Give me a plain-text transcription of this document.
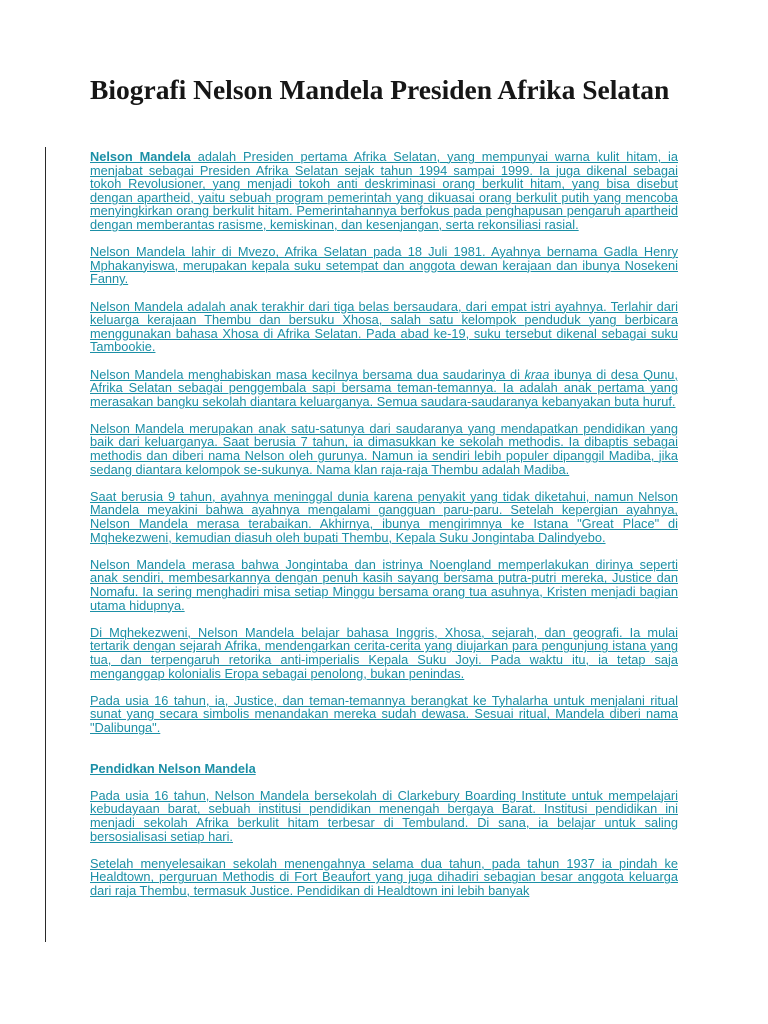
Biografi Nelson Mandela Presiden Afrika Selatan

Nelson Mandela adalah Presiden pertama Afrika Selatan, yang mempunyai warna kulit hitam, ia menjabat sebagai Presiden Afrika Selatan sejak tahun 1994 sampai 1999. Ia juga dikenal sebagai tokoh Revolusioner, yang menjadi tokoh anti deskriminasi orang berkulit hitam, yang bisa disebut dengan apartheid, yaitu sebuah program pemerintah yang dikuasai orang berkulit putih yang mencoba menyingkirkan orang berkulit hitam. Pemerintahannya berfokus pada penghapusan pengaruh apartheid dengan memberantas rasisme, kemiskinan, dan kesenjangan, serta rekonsiliasi rasial.

Nelson Mandela lahir di Mvezo, Afrika Selatan pada 18 Juli 1981. Ayahnya bernama Gadla Henry Mphakanyiswa, merupakan kepala suku setempat dan anggota dewan kerajaan dan ibunya Nosekeni Fanny.

Nelson Mandela adalah anak terakhir dari tiga belas bersaudara, dari empat istri ayahnya. Terlahir dari keluarga kerajaan Thembu dan bersuku Xhosa, salah satu kelompok penduduk yang berbicara menggunakan bahasa Xhosa di Afrika Selatan. Pada abad ke-19, suku tersebut dikenal sebagai suku Tambookie.

Nelson Mandela menghabiskan masa kecilnya bersama dua saudarinya di kraa ibunya di desa Qunu, Afrika Selatan sebagai penggembala sapi bersama teman-temannya. Ia adalah anak pertama yang merasakan bangku sekolah diantara keluarganya. Semua saudara-saudaranya kebanyakan buta huruf.

Nelson Mandela merupakan anak satu-satunya dari saudaranya yang mendapatkan pendidikan yang baik dari keluarganya. Saat berusia 7 tahun, ia dimasukkan ke sekolah methodis. Ia dibaptis sebagai methodis dan diberi nama Nelson oleh gurunya. Namun ia sendiri lebih populer dipanggil Madiba, jika sedang diantara kelompok se-sukunya. Nama klan raja-raja Thembu adalah Madiba.

Saat berusia 9 tahun, ayahnya meninggal dunia karena penyakit yang tidak diketahui, namun Nelson Mandela meyakini bahwa ayahnya mengalami gangguan paru-paru. Setelah kepergian ayahnya, Nelson Mandela merasa terabaikan. Akhirnya, ibunya mengirimnya ke Istana "Great Place" di Mqhekezweni, kemudian diasuh oleh bupati Thembu, Kepala Suku Jongintaba Dalindyebo.

Nelson Mandela merasa bahwa Jongintaba dan istrinya Noengland memperlakukan dirinya seperti anak sendiri, membesarkannya dengan penuh kasih sayang bersama putra-putri mereka, Justice dan Nomafu. Ia sering menghadiri misa setiap Minggu bersama orang tua asuhnya, Kristen menjadi bagian utama hidupnya.

Di Mqhekezweni, Nelson Mandela belajar bahasa Inggris, Xhosa, sejarah, dan geografi. Ia mulai tertarik dengan sejarah Afrika, mendengarkan cerita-cerita yang diujarkan para pengunjung istana yang tua, dan terpengaruh retorika anti-imperialis Kepala Suku Joyi. Pada waktu itu, ia tetap saja menganggap kolonialis Eropa sebagai penolong, bukan penindas.

Pada usia 16 tahun, ia, Justice, dan teman-temannya berangkat ke Tyhalarha untuk menjalani ritual sunat yang secara simbolis menandakan mereka sudah dewasa. Sesuai ritual, Mandela diberi nama "Dalibunga".

Pendidkan Nelson Mandela

Pada usia 16 tahun, Nelson Mandela bersekolah di Clarkebury Boarding Institute untuk mempelajari kebudayaan barat, sebuah institusi pendidikan menengah bergaya Barat. Institusi pendidikan ini menjadi sekolah Afrika berkulit hitam terbesar di Tembuland. Di sana, ia belajar untuk saling bersosialisasi setiap hari.

Setelah menyelesaikan sekolah menengahnya selama dua tahun, pada tahun 1937 ia pindah ke Healdtown, perguruan Methodis di Fort Beaufort yang juga dihadiri sebagian besar anggota keluarga dari raja Thembu, termasuk Justice. Pendidikan di Healdtown ini lebih banyak
